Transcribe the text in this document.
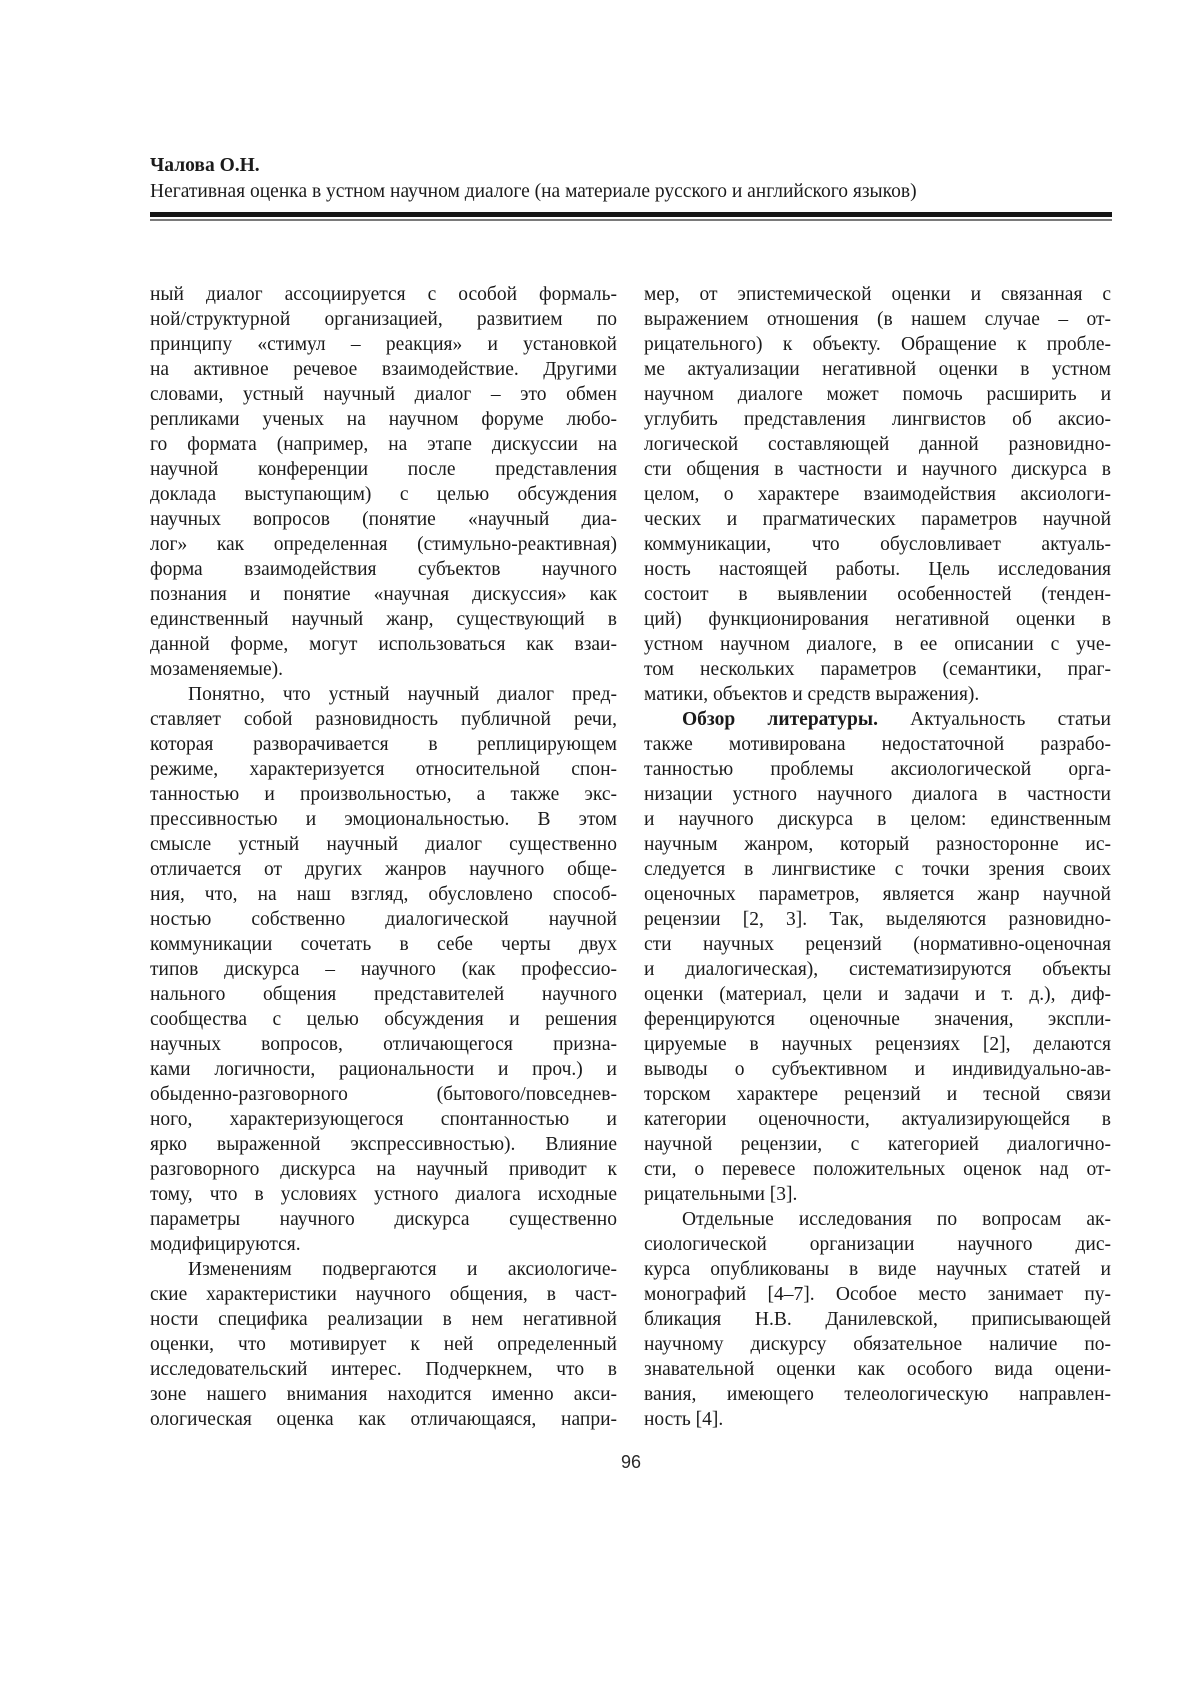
Чалова О.Н.
Негативная оценка в устном научном диалоге (на материале русского и английского языков)
ный диалог ассоциируется с особой формаль-
ной/структурной организацией, развитием по
принципу «стимул – реакция» и установкой
на активное речевое взаимодействие. Другими
словами, устный научный диалог – это обмен
репликами ученых на научном форуме любо-
го формата (например, на этапе дискуссии на
научной конференции после представления
доклада выступающим) с целью обсуждения
научных вопросов (понятие «научный диа-
лог» как определенная (стимульно-реактивная)
форма взаимодействия субъектов научного
познания и понятие «научная дискуссия» как
единственный научный жанр, существующий в
данной форме, могут использоваться как взаи-
мозаменяемые).
Понятно, что устный научный диалог пред-
ставляет собой разновидность публичной речи,
которая разворачивается в реплицирующем
режиме, характеризуется относительной спон-
танностью и произвольностью, а также экс-
прессивностью и эмоциональностью. В этом
смысле устный научный диалог существенно
отличается от других жанров научного обще-
ния, что, на наш взгляд, обусловлено способ-
ностью собственно диалогической научной
коммуникации сочетать в себе черты двух
типов дискурса – научного (как профессио-
нального общения представителей научного
сообщества с целью обсуждения и решения
научных вопросов, отличающегося призна-
ками логичности, рациональности и проч.) и
обыденно-разговорного (бытового/повседнев-
ного, характеризующегося спонтанностью и
ярко выраженной экспрессивностью). Влияние
разговорного дискурса на научный приводит к
тому, что в условиях устного диалога исходные
параметры научного дискурса существенно
модифицируются.
Изменениям подвергаются и аксиологиче-
ские характеристики научного общения, в част-
ности специфика реализации в нем негативной
оценки, что мотивирует к ней определенный
исследовательский интерес. Подчеркнем, что в
зоне нашего внимания находится именно акси-
ологическая оценка как отличающаяся, напри-
мер, от эпистемической оценки и связанная с
выражением отношения (в нашем случае – от-
рицательного) к объекту. Обращение к пробле-
ме актуализации негативной оценки в устном
научном диалоге может помочь расширить и
углубить представления лингвистов об аксио-
логической составляющей данной разновидно-
сти общения в частности и научного дискурса в
целом, о характере взаимодействия аксиологи-
ческих и прагматических параметров научной
коммуникации, что обусловливает актуаль-
ность настоящей работы. Цель исследования
состоит в выявлении особенностей (тенден-
ций) функционирования негативной оценки в
устном научном диалоге, в ее описании с уче-
том нескольких параметров (семантики, праг-
матики, объектов и средств выражения).
Обзор литературы. Актуальность статьи
также мотивирована недостаточной разрабо-
танностью проблемы аксиологической орга-
низации устного научного диалога в частности
и научного дискурса в целом: единственным
научным жанром, который разносторонне ис-
следуется в лингвистике с точки зрения своих
оценочных параметров, является жанр научной
рецензии [2, 3]. Так, выделяются разновидно-
сти научных рецензий (нормативно-оценочная
и диалогическая), систематизируются объекты
оценки (материал, цели и задачи и т. д.), диф-
ференцируются оценочные значения, экспли-
цируемые в научных рецензиях [2], делаются
выводы о субъективном и индивидуально-ав-
торском характере рецензий и тесной связи
категории оценочности, актуализирующейся в
научной рецензии, с категорией диалогично-
сти, о перевесе положительных оценок над от-
рицательными [3].
Отдельные исследования по вопросам ак-
сиологической организации научного дис-
курса опубликованы в виде научных статей и
монографий [4–7]. Особое место занимает пу-
бликация Н.В. Данилевской, приписывающей
научному дискурсу обязательное наличие по-
знавательной оценки как особого вида оцени-
вания, имеющего телеологическую направлен-
ность [4].
96
